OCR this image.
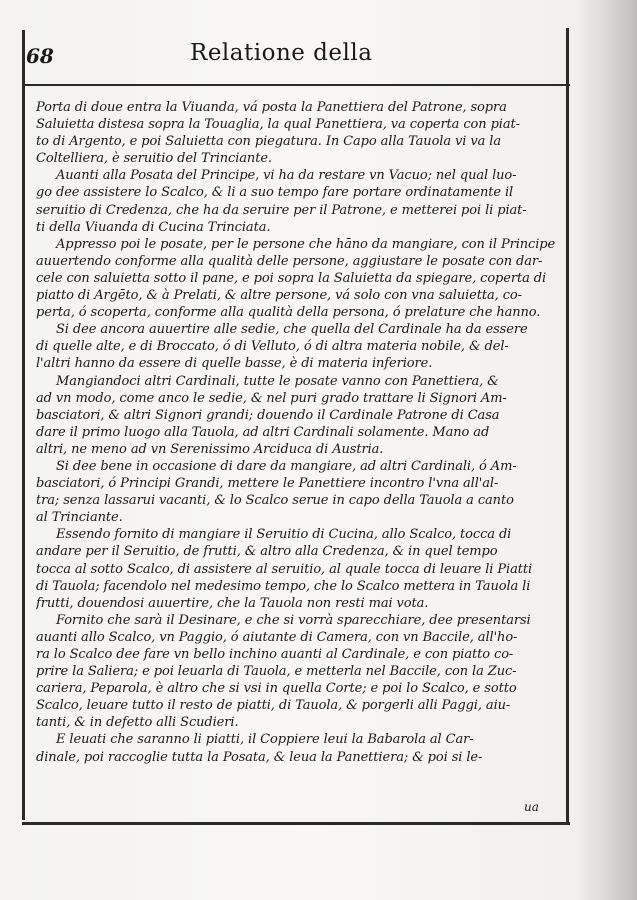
68	Relatione della
Porta di doue entra la Viuanda, vá posta la Panettiera del Patrone, sopra
Saluietta distesa sopra la Touaglia, la qual Panettiera, va coperta con piat-
to di Argento, e poi Saluietta con piegatura. In Capo alla Tauola vi va la
Coltelliera, è seruitio del Trinciante.
Auanti alla Posata del Principe, vi ha da restare vn Vacuo; nel qual luo-
go dee assistere lo Scalco, & li a suo tempo fare portare ordinatamente il
seruitio di Credenza, che ha da seruire per il Patrone, e metterei poi li piat-
ti della Viuanda di Cucina Trinciata.
Appresso poi le posate, per le persone che hāno da mangiare, con il Principe
auuertendo conforme alla qualità delle persone, aggiustare le posate con dar-
cele con saluietta sotto il pane, e poi sopra la Saluietta da spiegare, coperta di
piatto di Argēto, & à Prelati, & altre persone, vá solo con vna saluietta, co-
perta, ó scoperta, conforme alla qualità della persona, ó prelature che hanno.
Si dee ancora auuertire alle sedie, che quella del Cardinale ha da essere
di quelle alte, e di Broccato, ó di Velluto, ó di altra materia nobile, & del-
l'altri hanno da essere di quelle basse, è di materia inferiore.
Mangiandoci altri Cardinali, tutte le posate vanno con Panettiera, &
ad vn modo, come anco le sedie, & nel puri grado trattare li Signori Am-
basciatori, & altri Signori grandi; douendo il Cardinale Patrone di Casa
dare il primo luogo alla Tauola, ad altri Cardinali solamente. Mano ad
altri, ne meno ad vn Serenissimo Arciduca di Austria.
Si dee bene in occasione di dare da mangiare, ad altri Cardinali, ó Am-
basciatori, ó Principi Grandi, mettere le Panettiere incontro l'vna all'al-
tra; senza lassarui vacanti, & lo Scalco serue in capo della Tauola a canto
al Trinciante.
Essendo fornito di mangiare il Seruitio di Cucina, allo Scalco, tocca di
andare per il Seruitio, de frutti, & altro alla Credenza, & in quel tempo
tocca al sotto Scalco, di assistere al seruitio, al quale tocca di leuare li Piatti
di Tauola; facendolo nel medesimo tempo, che lo Scalco mettera in Tauola li
frutti, douendosi auuertire, che la Tauola non resti mai vota.
Fornito che sarà il Desinare, e che si vorrà sparecchiare, dee presentarsi
auanti allo Scalco, vn Paggio, ó aiutante di Camera, con vn Baccile, all'ho-
ra lo Scalco dee fare vn bello inchino auanti al Cardinale, e con piatto co-
prire la Saliera; e poi leuarla di Tauola, e metterla nel Baccile, con la Zuc-
cariera, Peparola, è altro che si vsi in quella Corte; e poi lo Scalco, e sotto
Scalco, leuare tutto il resto de piatti, di Tauola, & porgerli alli Paggi, aiu-
tanti, & in defetto alli Scudieri.
E leuati che saranno li piatti, il Coppiere leui la Babarola al Car-
dinale, poi raccoglie tutta la Posata, & leua la Panettiera; & poi si le-
ua
